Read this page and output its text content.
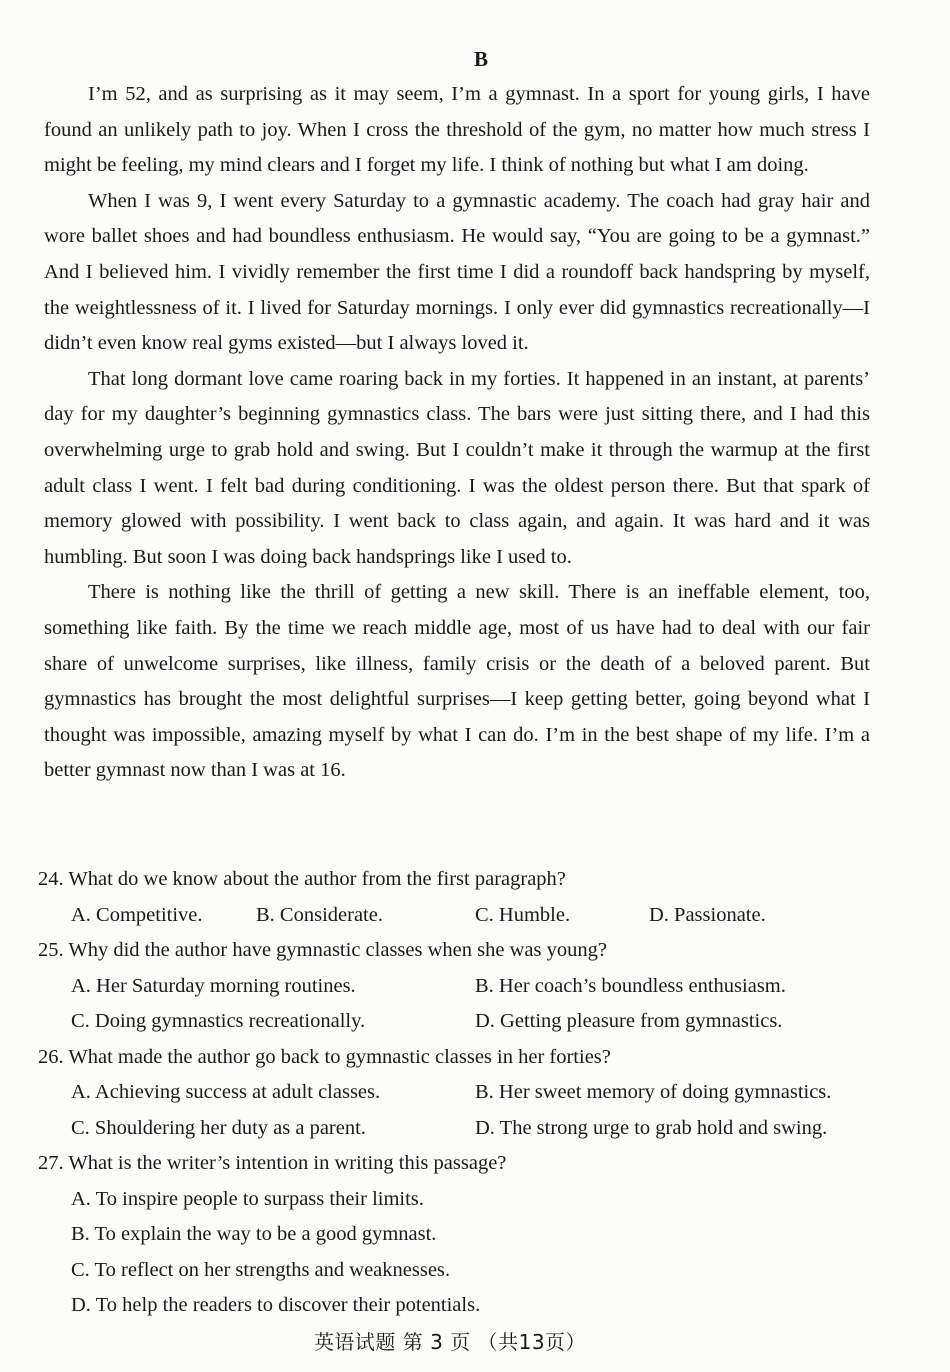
B

I’m 52, and as surprising as it may seem, I’m a gymnast. In a sport for young girls, I have found an unlikely path to joy. When I cross the threshold of the gym, no matter how much stress I might be feeling, my mind clears and I forget my life. I think of nothing but what I am doing.

When I was 9, I went every Saturday to a gymnastic academy. The coach had gray hair and wore ballet shoes and had boundless enthusiasm. He would say, “You are going to be a gymnast.” And I believed him. I vividly remember the first time I did a roundoff back handspring by myself, the weightlessness of it. I lived for Saturday mornings. I only ever did gymnastics recreationally—I didn’t even know real gyms existed—but I always loved it.

That long dormant love came roaring back in my forties. It happened in an instant, at parents’ day for my daughter’s beginning gymnastics class. The bars were just sitting there, and I had this overwhelming urge to grab hold and swing. But I couldn’t make it through the warmup at the first adult class I went. I felt bad during conditioning. I was the oldest person there. But that spark of memory glowed with possibility. I went back to class again, and again. It was hard and it was humbling. But soon I was doing back handsprings like I used to.

There is nothing like the thrill of getting a new skill. There is an ineffable element, too, something like faith. By the time we reach middle age, most of us have had to deal with our fair share of unwelcome surprises, like illness, family crisis or the death of a beloved parent. But gymnastics has brought the most delightful surprises—I keep getting better, going beyond what I thought was impossible, amazing myself by what I can do. I’m in the best shape of my life. I’m a better gymnast now than I was at 16.

24. What do we know about the author from the first paragraph?
A. Competitive.	B. Considerate.	C. Humble.	D. Passionate.
25. Why did the author have gymnastic classes when she was young?
A. Her Saturday morning routines.	B. Her coach’s boundless enthusiasm.
C. Doing gymnastics recreationally.	D. Getting pleasure from gymnastics.
26. What made the author go back to gymnastic classes in her forties?
A. Achieving success at adult classes.	B. Her sweet memory of doing gymnastics.
C. Shouldering her duty as a parent.	D. The strong urge to grab hold and swing.
27. What is the writer’s intention in writing this passage?
A. To inspire people to surpass their limits.
B. To explain the way to be a good gymnast.
C. To reflect on her strengths and weaknesses.
D. To help the readers to discover their potentials.
英语试题 第 3 页 （共13页）
